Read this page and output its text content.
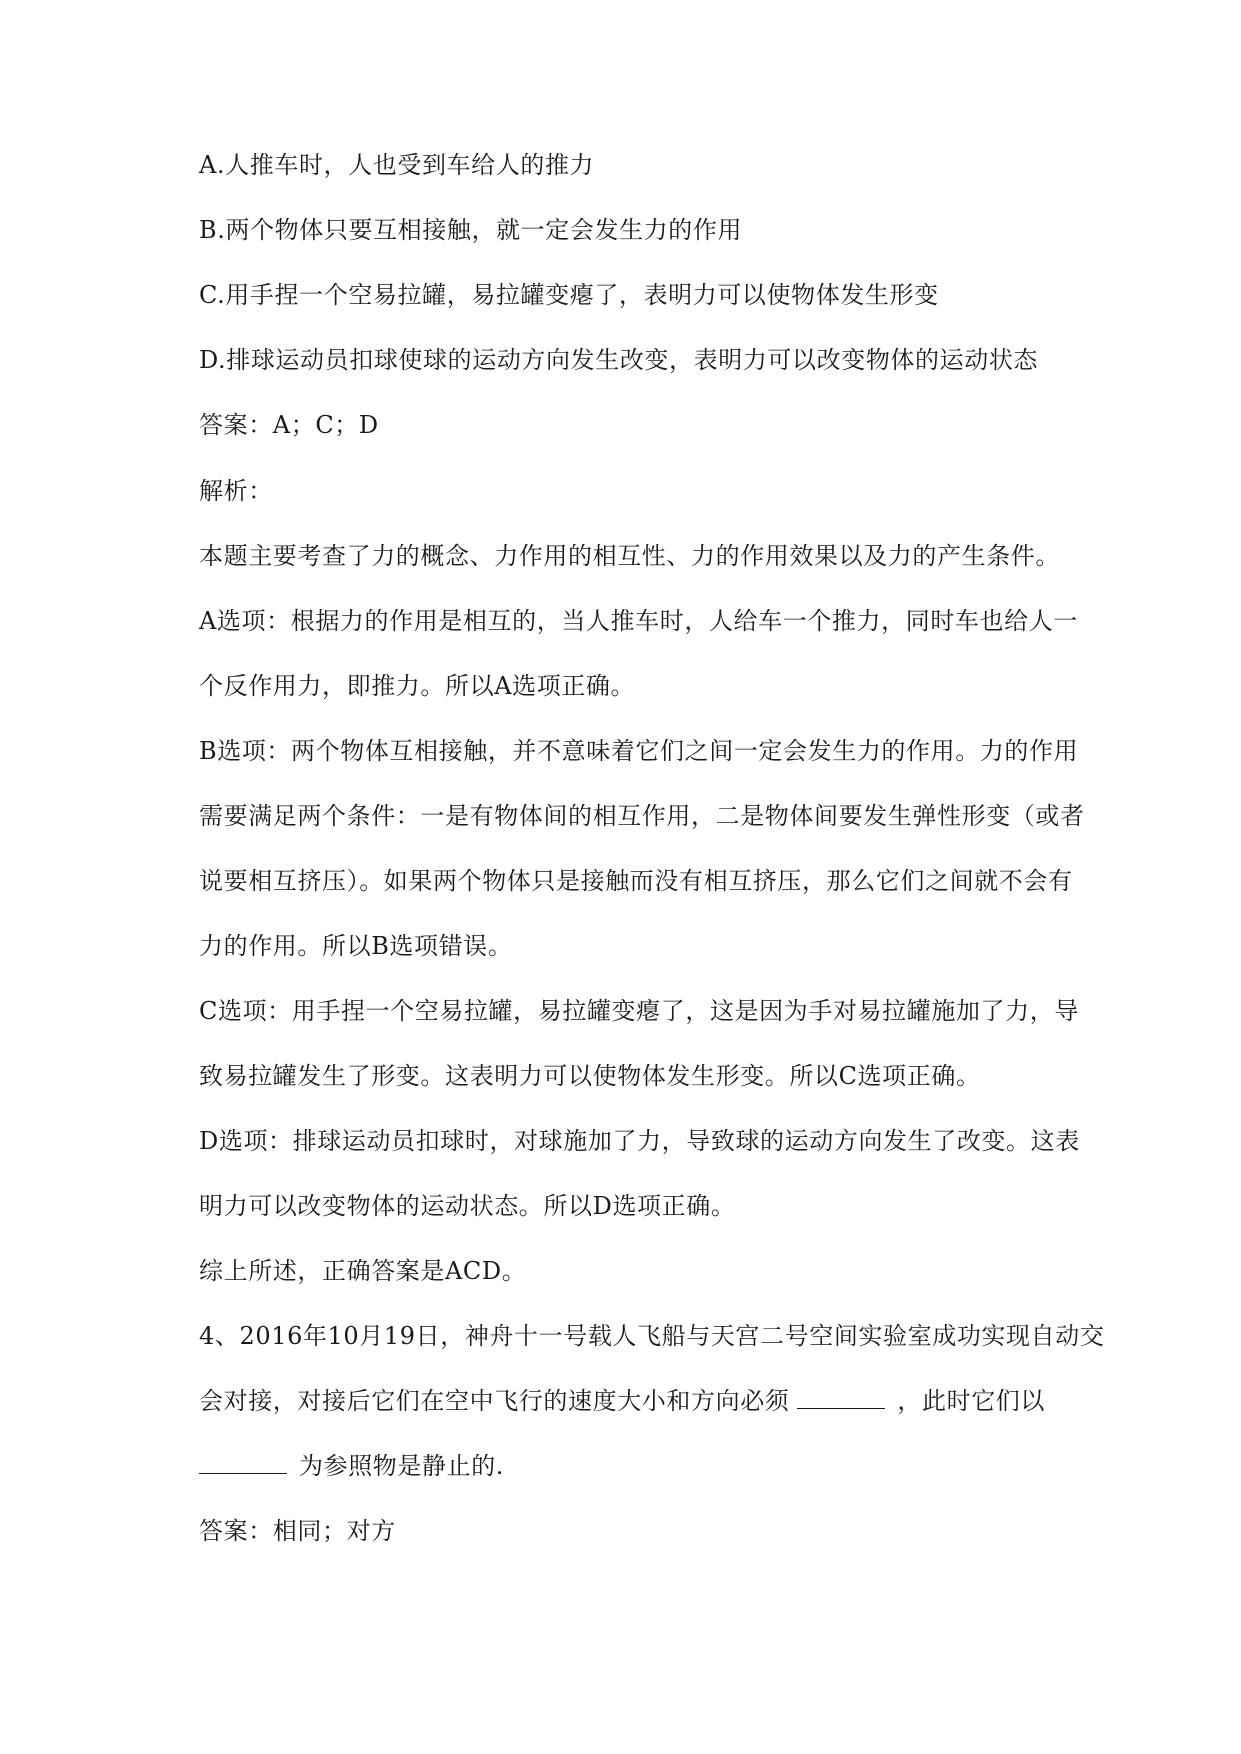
A.人推车时，人也受到车给人的推力
B.两个物体只要互相接触，就一定会发生力的作用
C.用手捏一个空易拉罐，易拉罐变瘪了，表明力可以使物体发生形变
D.排球运动员扣球使球的运动方向发生改变，表明力可以改变物体的运动状态
答案：A；C；D
解析：
本题主要考查了力的概念、力作用的相互性、力的作用效果以及力的产生条件。
A选项：根据力的作用是相互的，当人推车时，人给车一个推力，同时车也给人一
个反作用力，即推力。所以A选项正确。
B选项：两个物体互相接触，并不意味着它们之间一定会发生力的作用。力的作用
需要满足两个条件：一是有物体间的相互作用，二是物体间要发生弹性形变（或者
说要相互挤压）。如果两个物体只是接触而没有相互挤压，那么它们之间就不会有
力的作用。所以B选项错误。
C选项：用手捏一个空易拉罐，易拉罐变瘪了，这是因为手对易拉罐施加了力，导
致易拉罐发生了形变。这表明力可以使物体发生形变。所以C选项正确。
D选项：排球运动员扣球时，对球施加了力，导致球的运动方向发生了改变。这表
明力可以改变物体的运动状态。所以D选项正确。
综上所述，正确答案是ACD。
4、2016年10月19日，神舟十一号载人飞船与天宫二号空间实验室成功实现自动交
会对接，对接后它们在空中飞行的速度大小和方向必须	，此时它们以
为参照物是静止的.
答案：相同；对方
